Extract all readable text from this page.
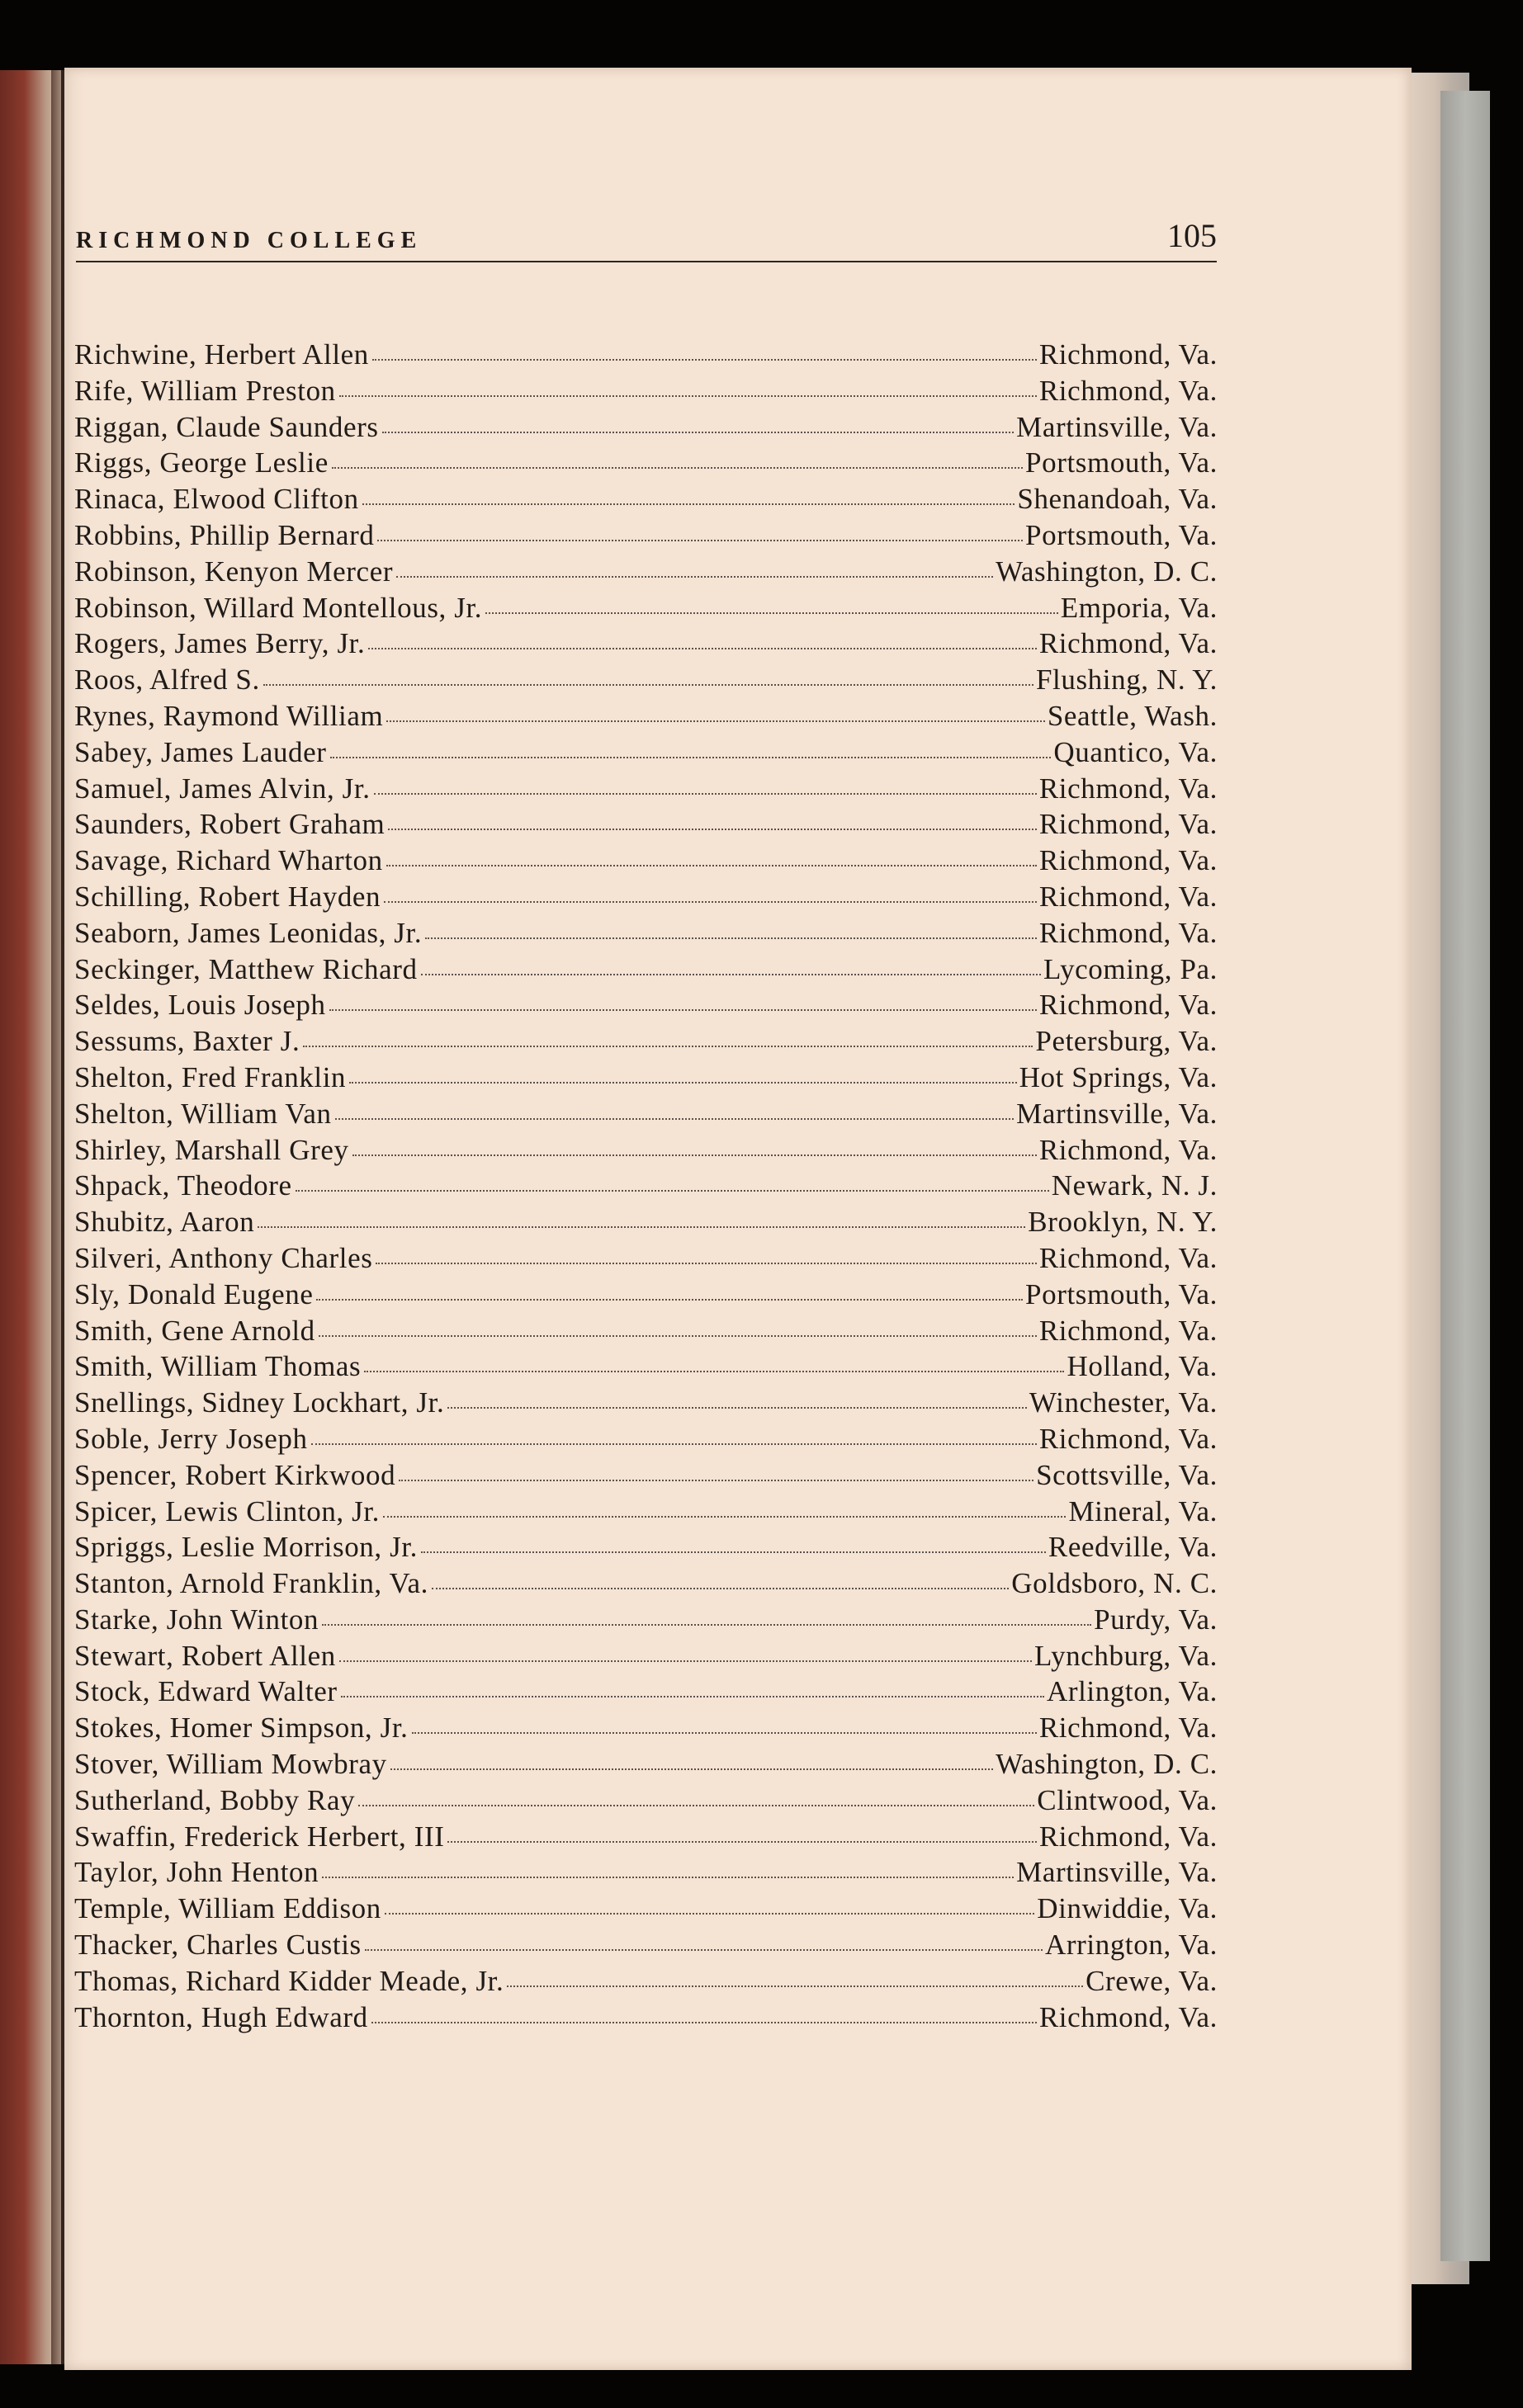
RICHMOND COLLEGE	105
Richwine, Herbert Allen	Richmond, Va.
Rife, William Preston	Richmond, Va.
Riggan, Claude Saunders	Martinsville, Va.
Riggs, George Leslie	Portsmouth, Va.
Rinaca, Elwood Clifton	Shenandoah, Va.
Robbins, Phillip Bernard	Portsmouth, Va.
Robinson, Kenyon Mercer	Washington, D. C.
Robinson, Willard Montellous, Jr.	Emporia, Va.
Rogers, James Berry, Jr.	Richmond, Va.
Roos, Alfred S.	Flushing, N. Y.
Rynes, Raymond William	Seattle, Wash.
Sabey, James Lauder	Quantico, Va.
Samuel, James Alvin, Jr.	Richmond, Va.
Saunders, Robert Graham	Richmond, Va.
Savage, Richard Wharton	Richmond, Va.
Schilling, Robert Hayden	Richmond, Va.
Seaborn, James Leonidas, Jr.	Richmond, Va.
Seckinger, Matthew Richard	Lycoming, Pa.
Seldes, Louis Joseph	Richmond, Va.
Sessums, Baxter J.	Petersburg, Va.
Shelton, Fred Franklin	Hot Springs, Va.
Shelton, William Van	Martinsville, Va.
Shirley, Marshall Grey	Richmond, Va.
Shpack, Theodore	Newark, N. J.
Shubitz, Aaron	Brooklyn, N. Y.
Silveri, Anthony Charles	Richmond, Va.
Sly, Donald Eugene	Portsmouth, Va.
Smith, Gene Arnold	Richmond, Va.
Smith, William Thomas	Holland, Va.
Snellings, Sidney Lockhart, Jr.	Winchester, Va.
Soble, Jerry Joseph	Richmond, Va.
Spencer, Robert Kirkwood	Scottsville, Va.
Spicer, Lewis Clinton, Jr.	Mineral, Va.
Spriggs, Leslie Morrison, Jr.	Reedville, Va.
Stanton, Arnold Franklin, Va.	Goldsboro, N. C.
Starke, John Winton	Purdy, Va.
Stewart, Robert Allen	Lynchburg, Va.
Stock, Edward Walter	Arlington, Va.
Stokes, Homer Simpson, Jr.	Richmond, Va.
Stover, William Mowbray	Washington, D. C.
Sutherland, Bobby Ray	Clintwood, Va.
Swaffin, Frederick Herbert, III	Richmond, Va.
Taylor, John Henton	Martinsville, Va.
Temple, William Eddison	Dinwiddie, Va.
Thacker, Charles Custis	Arrington, Va.
Thomas, Richard Kidder Meade, Jr.	Crewe, Va.
Thornton, Hugh Edward	Richmond, Va.
